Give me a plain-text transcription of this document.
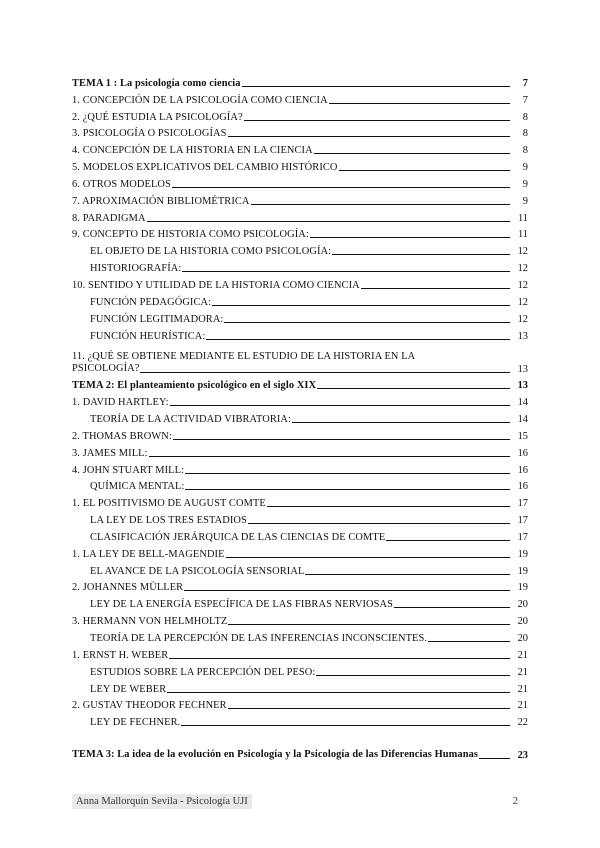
TEMA 1 : La psicología como ciencia	7
1. CONCEPCIÓN DE LA PSICOLOGÍA COMO CIENCIA	7
2. ¿QUÉ ESTUDIA LA PSICOLOGÍA?	8
3. PSICOLOGÍA O PSICOLOGÍAS	8
4. CONCEPCIÓN DE LA HISTORIA EN LA CIENCIA	8
5. MODELOS EXPLICATIVOS DEL CAMBIO HISTÓRICO	9
6. OTROS MODELOS	9
7. APROXIMACIÓN BIBLIOMÉTRICA	9
8. PARADIGMA	11
9. CONCEPTO DE HISTORIA COMO PSICOLOGÍA:	11
EL OBJETO DE LA HISTORIA COMO PSICOLOGÍA:	12
HISTORIOGRAFÍA:	12
10. SENTIDO Y UTILIDAD DE LA HISTORIA COMO CIENCIA	12
FUNCIÓN PEDAGÓGICA:	12
FUNCIÓN LEGITIMADORA:	12
FUNCIÓN HEURÍSTICA:	13
11. ¿QUÉ SE OBTIENE MEDIANTE EL ESTUDIO DE LA HISTORIA EN LA PSICOLOGÍA?	13
TEMA 2: El planteamiento psicológico en el siglo XIX	13
1. DAVID HARTLEY:	14
TEORÍA DE LA ACTIVIDAD VIBRATORIA:	14
2. THOMAS BROWN:	15
3. JAMES MILL:	16
4. JOHN STUART MILL:	16
QUÍMICA MENTAL:	16
1. EL POSITIVISMO DE AUGUST COMTE	17
LA LEY DE LOS TRES ESTADIOS	17
CLASIFICACIÓN JERÁRQUICA DE LAS CIENCIAS DE COMTE	17
1. LA LEY DE BELL-MAGENDIE	19
EL AVANCE DE LA PSICOLOGÍA SENSORIAL	19
2. JOHANNES MÜLLER	19
LEY DE LA ENERGÍA ESPECÍFICA DE LAS FIBRAS NERVIOSAS	20
3. HERMANN VON HELMHOLTZ	20
TEORÍA DE LA PERCEPCIÓN DE LAS INFERENCIAS INCONSCIENTES.	20
1. ERNST H. WEBER	21
ESTUDIOS SOBRE LA PERCEPCIÓN DEL PESO:	21
LEY DE WEBER	21
2. GUSTAV THEODOR FECHNER	21
LEY DE FECHNER.	22
TEMA 3: La idea de la evolución en Psicología y la Psicología de las Diferencias Humanas	23
Anna Mallorquín Sevila - Psicología UJI	2
